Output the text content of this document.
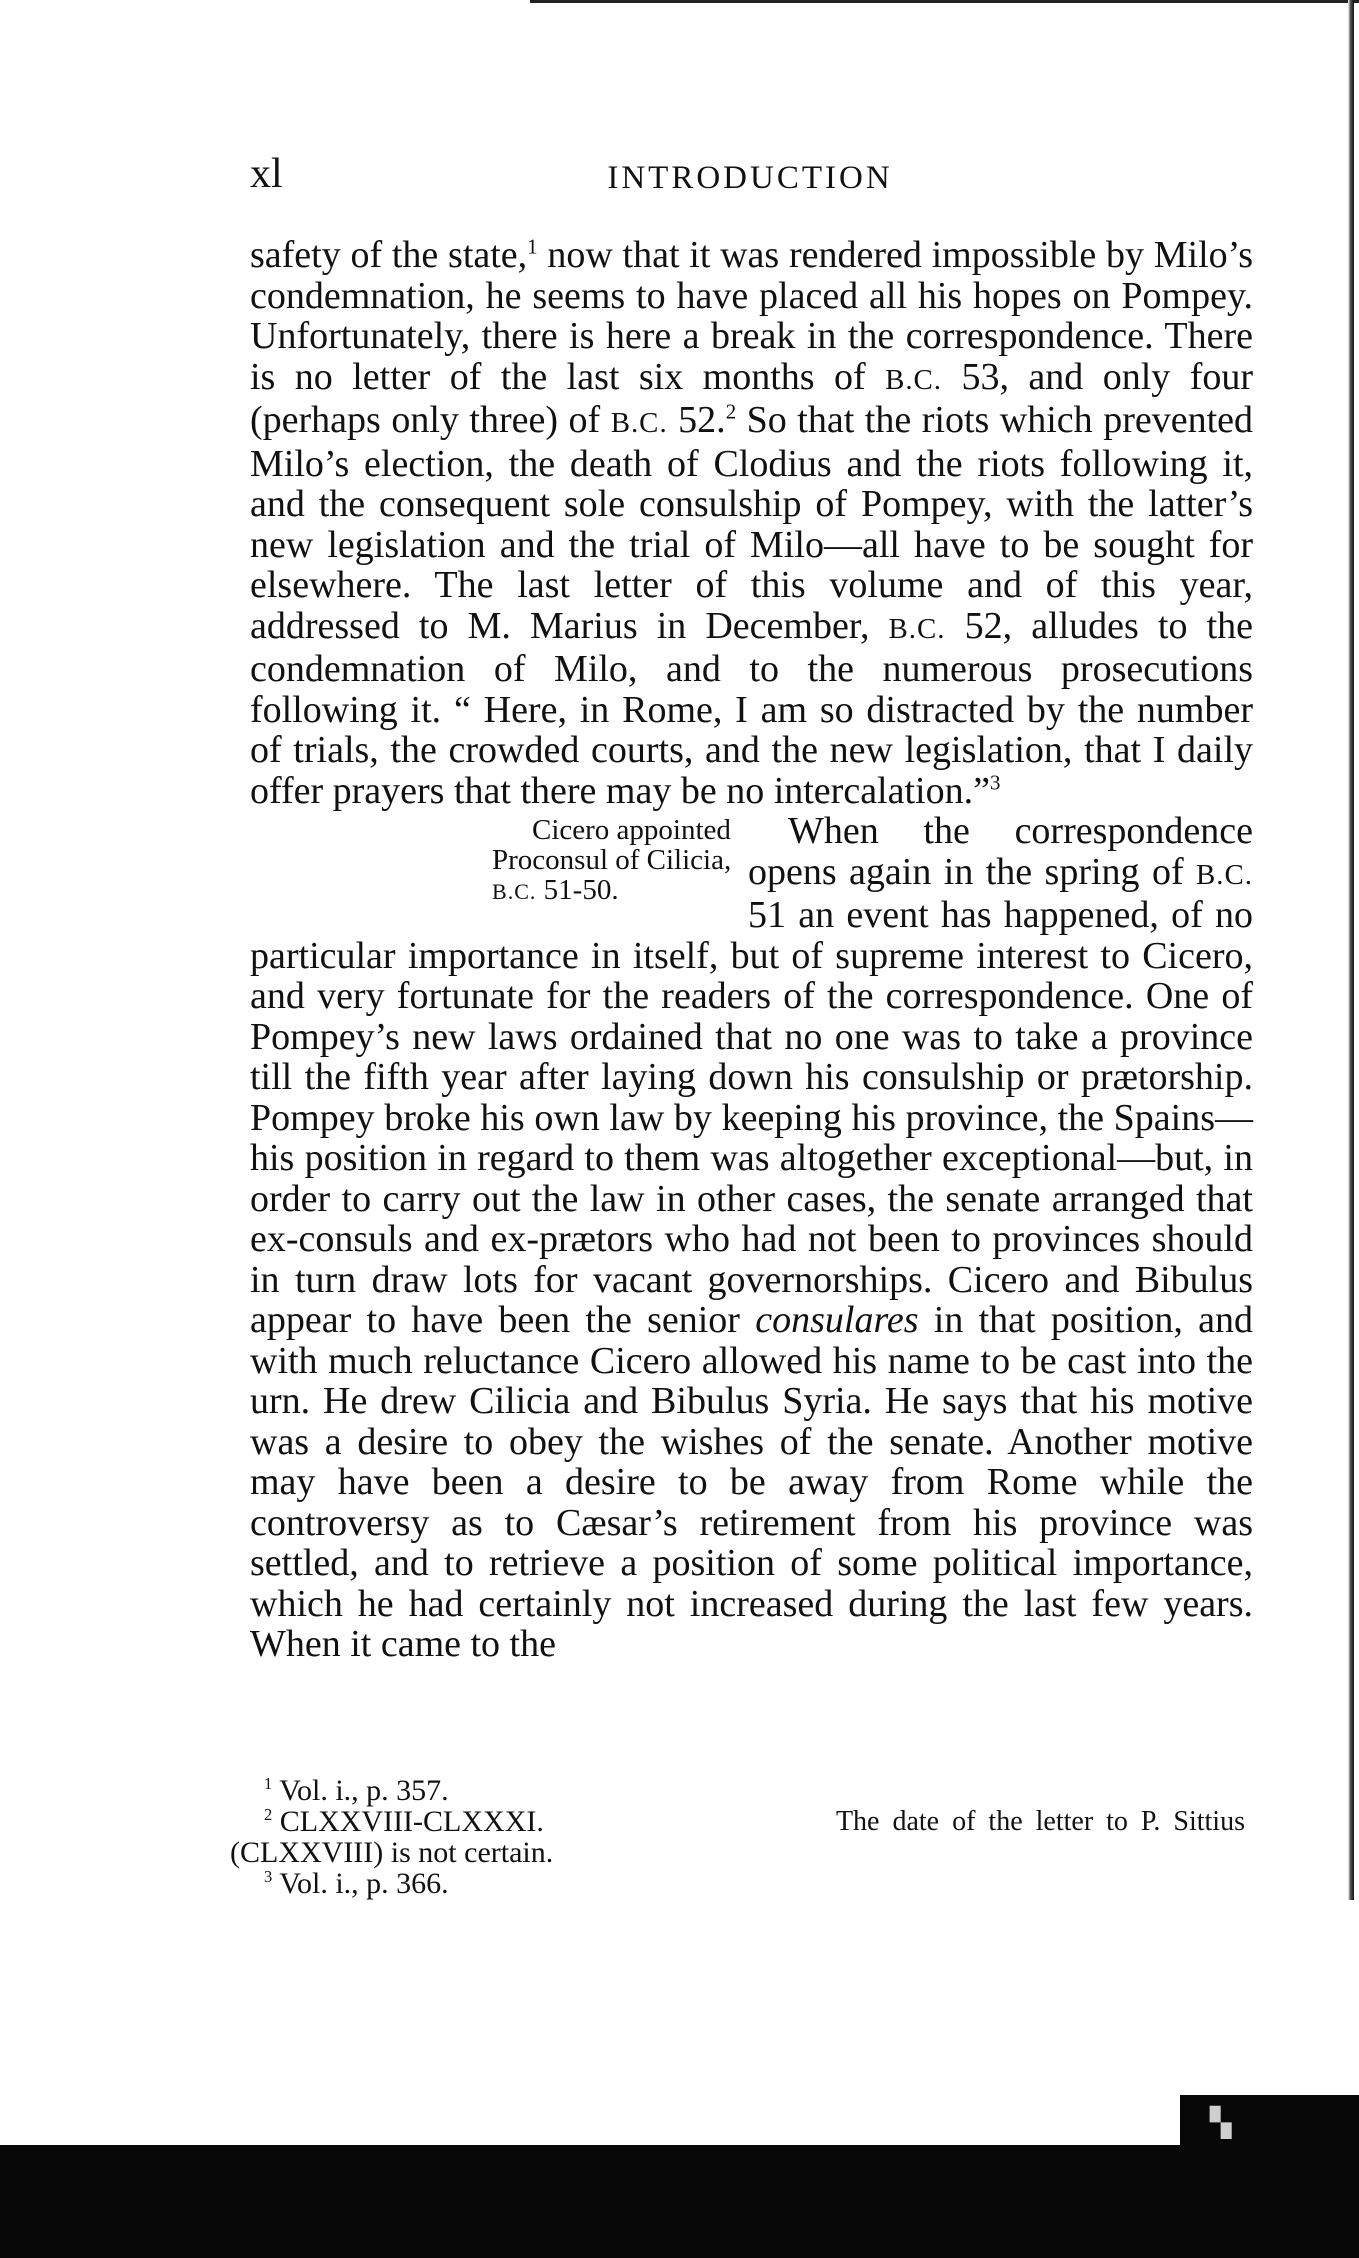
xl	INTRODUCTION

safety of the state,$^1$ now that it was rendered impossible by Milo’s condemnation, he seems to have placed all his hopes on Pompey. Unfortunately, there is here a break in the correspondence. There is no letter of the last six months of B.C. 53, and only four (perhaps only three) of B.C. 52.$^2$ So that the riots which prevented Milo’s election, the death of Clodius and the riots following it, and the consequent sole consulship of Pompey, with the latter’s new legislation and the trial of Milo—all have to be sought for elsewhere. The last letter of this volume and of this year, addressed to M. Marius in December, B.C. 52, alludes to the condemnation of Milo, and to the numerous prosecutions following it. “ Here, in Rome, I am so distracted by the number of trials, the crowded courts, and the new legislation, that I daily offer prayers that there may be no intercalation.”$^3$

Cicero appointed Proconsul of Cilicia, B.C. 51-50.
When the correspondence opens again in the spring of B.C. 51 an event has happened, of no particular importance in itself, but of supreme interest to Cicero, and very fortunate for the readers of the correspondence. One of Pompey’s new laws ordained that no one was to take a province till the fifth year after laying down his consulship or prætorship. Pompey broke his own law by keeping his province, the Spains—his position in regard to them was altogether exceptional—but, in order to carry out the law in other cases, the senate arranged that ex-consuls and ex-prætors who had not been to provinces should in turn draw lots for vacant governorships. Cicero and Bibulus appear to have been the senior consulares in that position, and with much reluctance Cicero allowed his name to be cast into the urn. He drew Cilicia and Bibulus Syria. He says that his motive was a desire to obey the wishes of the senate. Another motive may have been a desire to be away from Rome while the controversy as to Cæsar’s retirement from his province was settled, and to retrieve a position of some political importance, which he had certainly not increased during the last few years. When it came to the

$^1$ Vol. i., p. 357.

$^2$ CLXXVIII-CLXXXI.	The date of the letter to P. Sittius

(CLXXVIII) is not certain.

$^3$ Vol. i., p. 366.

▚
